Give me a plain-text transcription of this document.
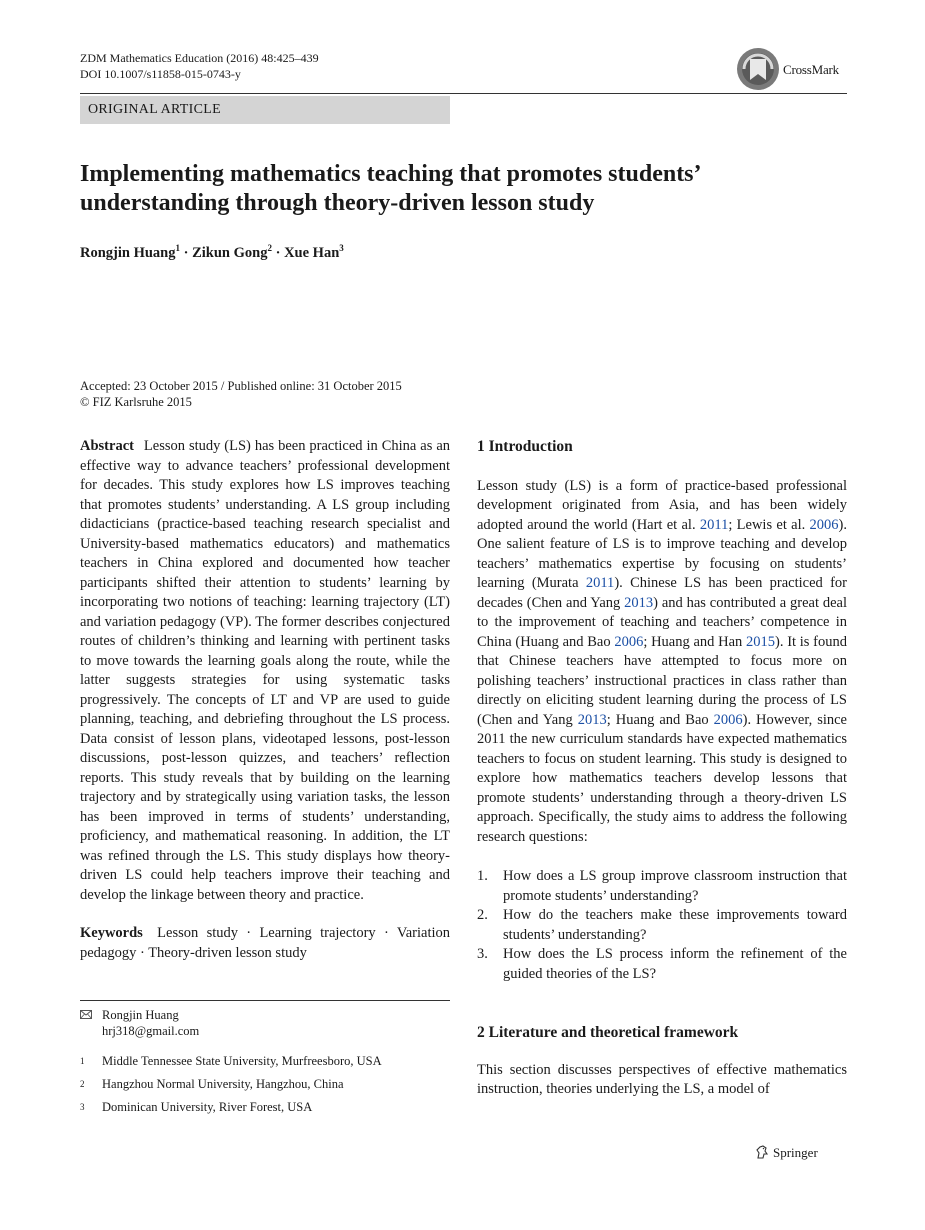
ZDM Mathematics Education (2016) 48:425–439
DOI 10.1007/s11858-015-0743-y	CrossMark
ORIGINAL ARTICLE
Implementing mathematics teaching that promotes students’
understanding through theory-driven lesson study
Rongjin Huang$^1$ · Zikun Gong$^2$ · Xue Han$^3$
Accepted: 23 October 2015 / Published online: 31 October 2015
© FIZ Karlsruhe 2015
Abstract Lesson study (LS) has been practiced in China as an effective way to advance teachers’ professional development for decades. This study explores how LS improves teaching that promotes students’ understanding. A LS group including didacticians (practice-based teaching research specialist and University-based mathematics educators) and mathematics teachers in China explored and documented how teacher participants shifted their attention to students’ learning by incorporating two notions of teaching: learning trajectory (LT) and variation pedagogy (VP). The former describes conjectured routes of children’s thinking and learning with pertinent tasks to move towards the learning goals along the route, while the latter suggests strategies for using systematic tasks progressively. The concepts of LT and VP are used to guide planning, teaching, and debriefing throughout the LS process. Data consist of lesson plans, videotaped lessons, post-lesson discussions, post-lesson quizzes, and teachers’ reflection reports. This study reveals that by building on the learning trajectory and by strategically using variation tasks, the lesson has been improved in terms of students’ understanding, proficiency, and mathematical reasoning. In addition, the LT was refined through the LS. This study displays how theory-driven LS could help teachers improve their teaching and develop the linkage between theory and practice.
Keywords Lesson study · Learning trajectory · Variation pedagogy · Theory-driven lesson study
Rongjin Huang
hrj318@gmail.com
1 Middle Tennessee State University, Murfreesboro, USA
2 Hangzhou Normal University, Hangzhou, China
3 Dominican University, River Forest, USA
1 Introduction
Lesson study (LS) is a form of practice-based professional development originated from Asia, and has been widely adopted around the world (Hart et al. 2011; Lewis et al. 2006). One salient feature of LS is to improve teaching and develop teachers’ mathematics expertise by focusing on students’ learning (Murata 2011). Chinese LS has been practiced for decades (Chen and Yang 2013) and has contributed a great deal to the improvement of teaching and teachers’ competence in China (Huang and Bao 2006; Huang and Han 2015). It is found that Chinese teachers have attempted to focus more on polishing teachers’ instructional practices in class rather than directly on eliciting student learning during the process of LS (Chen and Yang 2013; Huang and Bao 2006). However, since 2011 the new curriculum standards have expected mathematics teachers to focus on student learning. This study is designed to explore how mathematics teachers develop lessons that promote students’ understanding through a theory-driven LS approach. Specifically, the study aims to address the following research questions:
1. How does a LS group improve classroom instruction that promote students’ understanding?
2. How do the teachers make these improvements toward students’ understanding?
3. How does the LS process inform the refinement of the guided theories of the LS?
2 Literature and theoretical framework
This section discusses perspectives of effective mathematics instruction, theories underlying the LS, a model of
Springer
